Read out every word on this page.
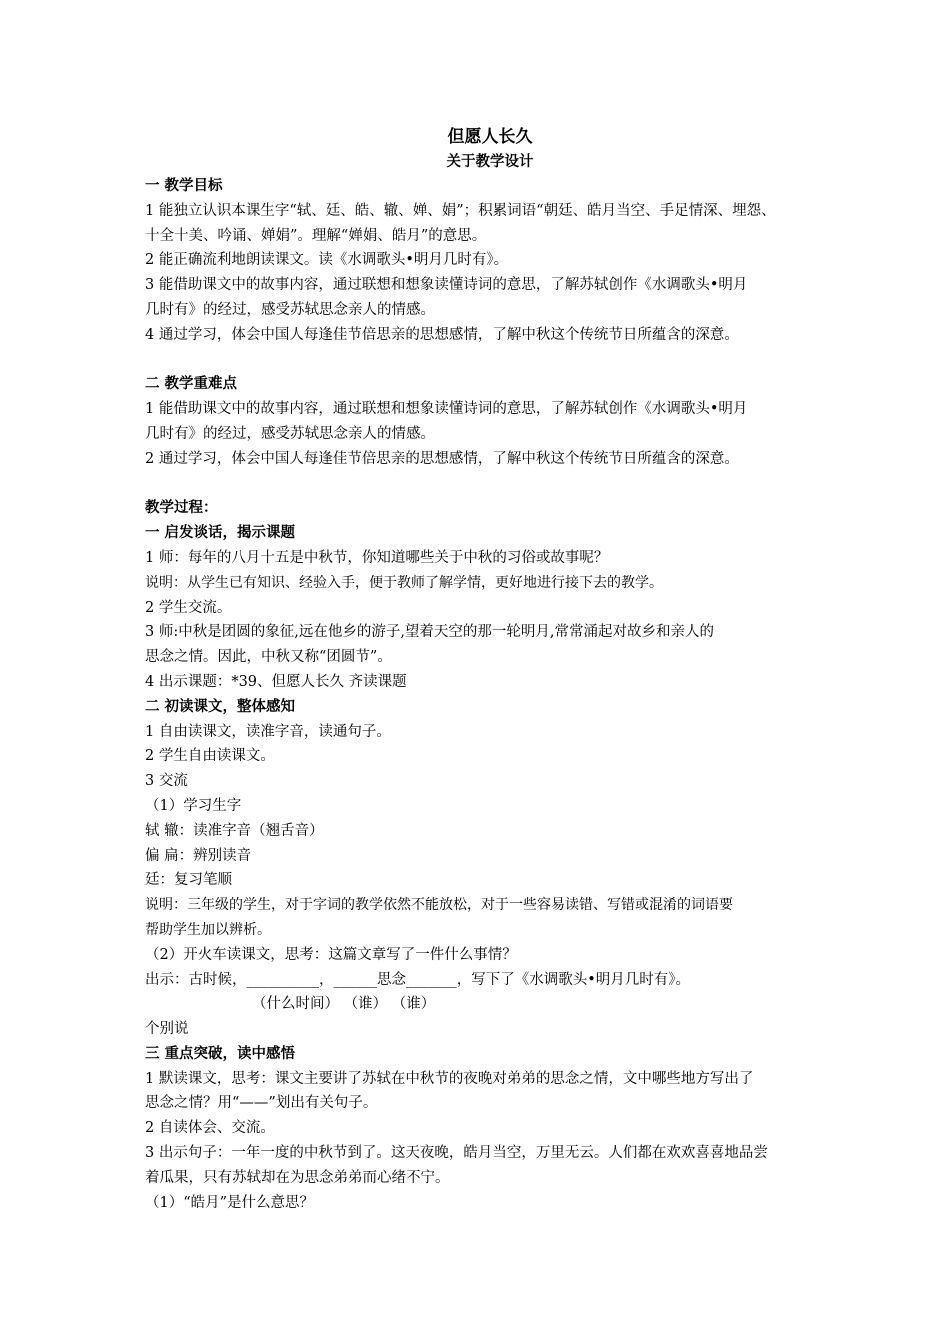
但愿人长久

关于教学设计

一 教学目标

1 能独立认识本课生字“轼、廷、皓、辙、婵、娟”；积累词语“朝廷、皓月当空、手足情深、埋怨、

十全十美、吟诵、婵娟”。理解“婵娟、皓月”的意思。

2 能正确流利地朗读课文。读《水调歌头•明月几时有》。

3 能借助课文中的故事内容，通过联想和想象读懂诗词的意思，了解苏轼创作《水调歌头•明月

几时有》的经过，感受苏轼思念亲人的情感。

4 通过学习，体会中国人每逢佳节倍思亲的思想感情，了解中秋这个传统节日所蕴含的深意。

二 教学重难点

1 能借助课文中的故事内容，通过联想和想象读懂诗词的意思，了解苏轼创作《水调歌头•明月

几时有》的经过，感受苏轼思念亲人的情感。

2 通过学习，体会中国人每逢佳节倍思亲的思想感情，了解中秋这个传统节日所蕴含的深意。

教学过程：

一 启发谈话，揭示课题

1 师：每年的八月十五是中秋节，你知道哪些关于中秋的习俗或故事呢？

说明：从学生已有知识、经验入手，便于教师了解学情，更好地进行接下去的教学。

2 学生交流。

3 师:中秋是团圆的象征,远在他乡的游子,望着天空的那一轮明月,常常涌起对故乡和亲人的

思念之情。因此，中秋又称“团圆节”。

4 出示课题：*39、但愿人长久 齐读课题

二 初读课文，整体感知

1 自由读课文，读准字音，读通句子。

2 学生自由读课文。

3 交流

（1）学习生字

轼 辙：读准字音（翘舌音）

偏 扁：辨别读音

廷：复习笔顺

说明：三年级的学生，对于字词的教学依然不能放松，对于一些容易读错、写错或混淆的词语要

帮助学生加以辨析。

（2）开火车读课文，思考：这篇文章写了一件什么事情？

出示：古时候，__________，______思念_______，写下了《水调歌头•明月几时有》。

（什么时间） （谁） （谁）

个别说

三 重点突破，读中感悟

1 默读课文，思考：课文主要讲了苏轼在中秋节的夜晚对弟弟的思念之情，文中哪些地方写出了

思念之情？用“——”划出有关句子。

2 自读体会、交流。

3 出示句子：一年一度的中秋节到了。这天夜晚，皓月当空，万里无云。人们都在欢欢喜喜地品尝

着瓜果，只有苏轼却在为思念弟弟而心绪不宁。

（1）“皓月”是什么意思？
